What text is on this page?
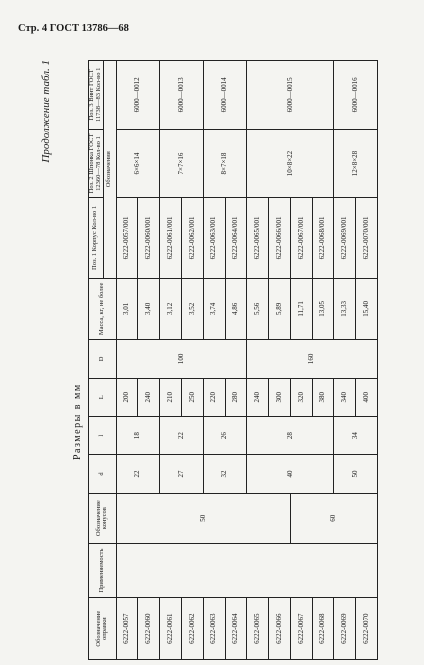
Стр. 4 ГОСТ 13786—68
Продолжение табл. 1
Размеры в мм
Обозначение оправки	Применяемость	Обозначение конусов	d	l	L	D	Масса, кг, не более	Поз. 1 Корпус Кол-во 1	Поз. 2 Шпонка ГОСТ 12360—78 Кол-во 1	Поз. 3 Винт ГОСТ 11738—83 Кол-во 1
								Обозначения		
6222-0057		50	22	18	200	100	3,01	6222-0057/001	6×6×14	6000—0012
6222-0060					240		3,40	6222-0060/001		
6222-0061			27	22	210		3,12	6222-0061/001	7×7×16	6000—0013
6222-0062					250		3,52	6222-0062/001		
6222-0063			32	26	220		3,74	6222-0063/001	8×7×18	6000—0014
6222-0064					280		4,86	6222-0064/001		
6222-0065			40	28	240	160	5,56	6222-0065/001	10×8×22	6000—0015
6222-0066					300		5,89	6222-0066/001		
6222-0067		60			320		11,71	6222-0067/001		
6222-0068					380		13,05	6222-0068/001		
6222-0069			50	34	340		13,33	6222-0069/001	12×8×28	6000—0016
6222-0070					400		15,40	6222-0070/001		
